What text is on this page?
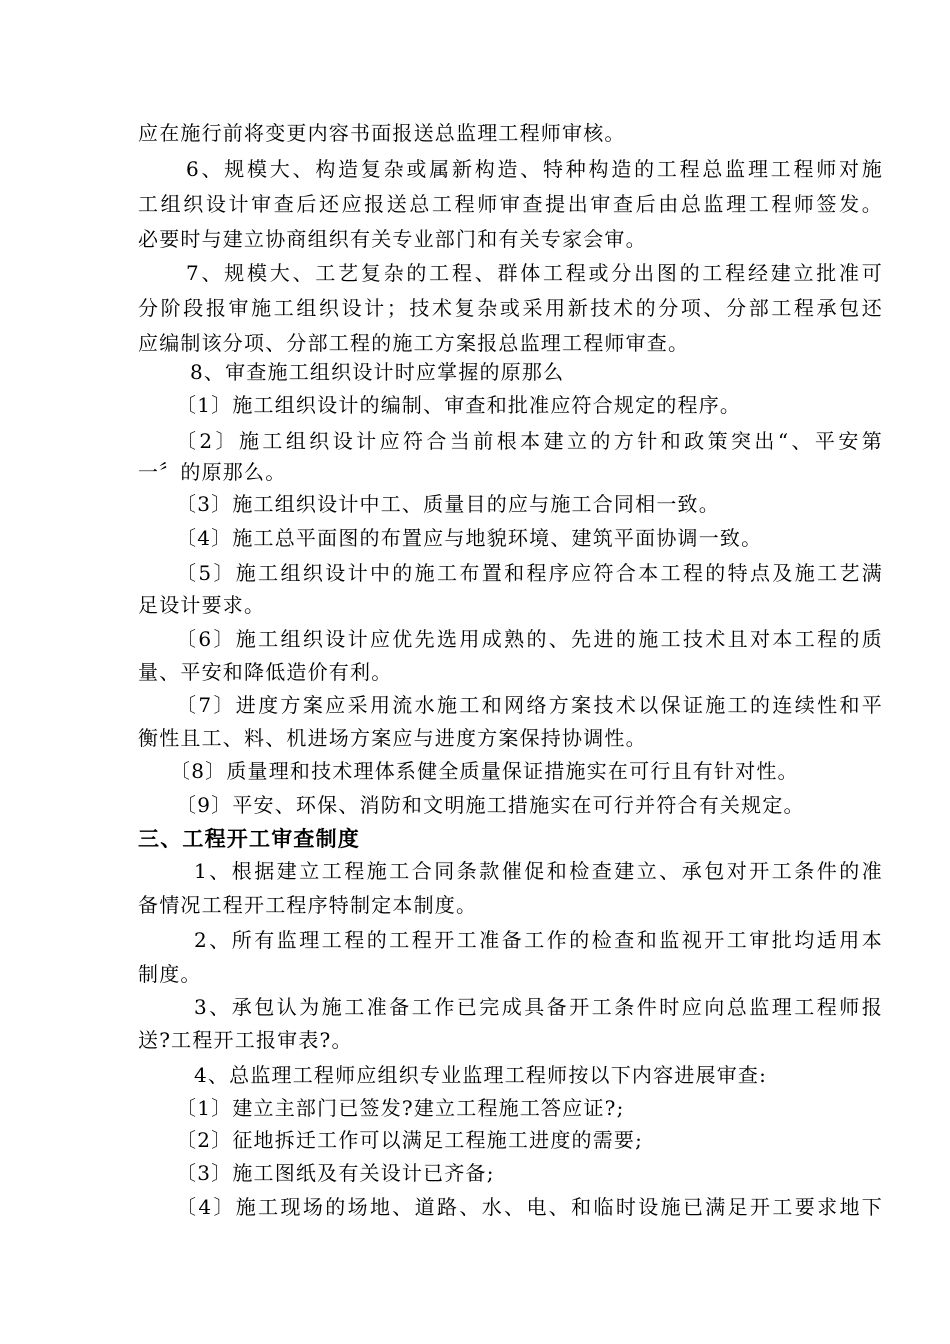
应在施行前将变更内容书面报送总监理工程师审核。
6、规模大、构造复杂或属新构造、特种构造的工程总监理工程师对施
工组织设计审查后还应报送总工程师审查提出审查后由总监理工程师签发。
必要时与建立协商组织有关专业部门和有关专家会审。
7、规模大、工艺复杂的工程、群体工程或分出图的工程经建立批准可
分阶段报审施工组织设计；技术复杂或采用新技术的分项、分部工程承包还
应编制该分项、分部工程的施工方案报总监理工程师审查。
8、审查施工组织设计时应掌握的原那么
〔1〕施工组织设计的编制、审查和批准应符合规定的程序。
〔2〕施工组织设计应符合当前根本建立的方针和政策突出“、平安第
一〞的原那么。
〔3〕施工组织设计中工、质量目的应与施工合同相一致。
〔4〕施工总平面图的布置应与地貌环境、建筑平面协调一致。
〔5〕施工组织设计中的施工布置和程序应符合本工程的特点及施工艺满
足设计要求。
〔6〕施工组织设计应优先选用成熟的、先进的施工技术且对本工程的质
量、平安和降低造价有利。
〔7〕进度方案应采用流水施工和网络方案技术以保证施工的连续性和平
衡性且工、料、机进场方案应与进度方案保持协调性。
〔8〕质量理和技术理体系健全质量保证措施实在可行且有针对性。
〔9〕平安、环保、消防和文明施工措施实在可行并符合有关规定。
三、工程开工审查制度
1、根据建立工程施工合同条款催促和检查建立、承包对开工条件的准
备情况工程开工程序特制定本制度。
2、所有监理工程的工程开工准备工作的检查和监视开工审批均适用本
制度。
3、承包认为施工准备工作已完成具备开工条件时应向总监理工程师报
送?工程开工报审表?。
4、总监理工程师应组织专业监理工程师按以下内容进展审查:
〔1〕建立主部门已签发?建立工程施工答应证?;
〔2〕征地拆迁工作可以满足工程施工进度的需要;
〔3〕施工图纸及有关设计已齐备;
〔4〕施工现场的场地、道路、水、电、和临时设施已满足开工要求地下
